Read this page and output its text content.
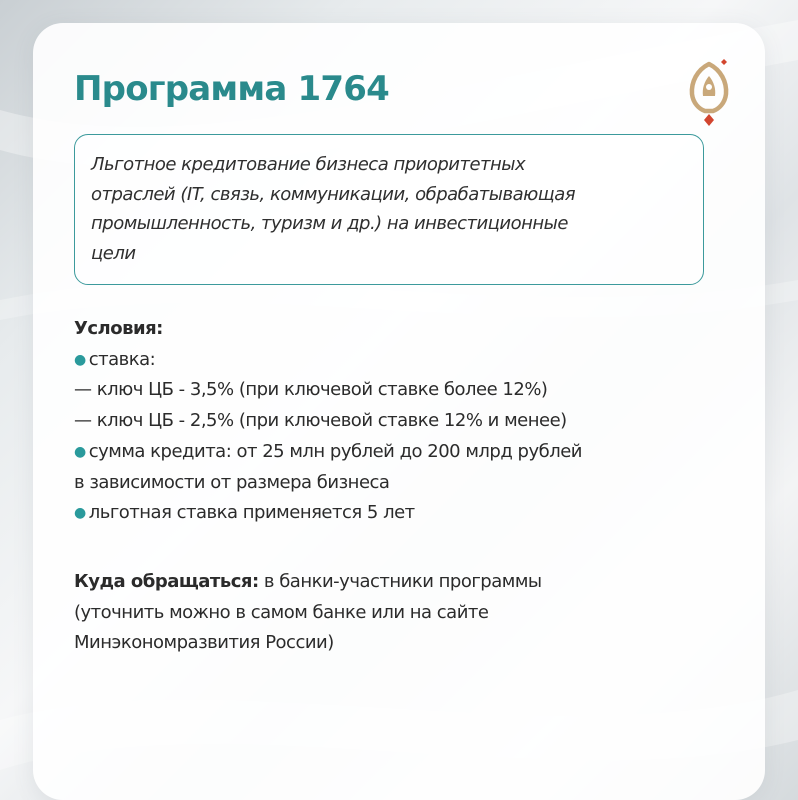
Программа 1764

Льготное кредитование бизнеса приоритетных
отраслей (IT, связь, коммуникации, обрабатывающая
промышленность, туризм и др.) на инвестиционные
цели

Условия:
● ставка:
— ключ ЦБ - 3,5% (при ключевой ставке более 12%)
— ключ ЦБ - 2,5% (при ключевой ставке 12% и менее)
● сумма кредита: от 25 млн рублей до 200 млрд рублей
в зависимости от размера бизнеса
● льготная ставка применяется 5 лет
Куда обращаться: в банки-участники программы
(уточнить можно в самом банке или на сайте
Минэкономразвития России)
